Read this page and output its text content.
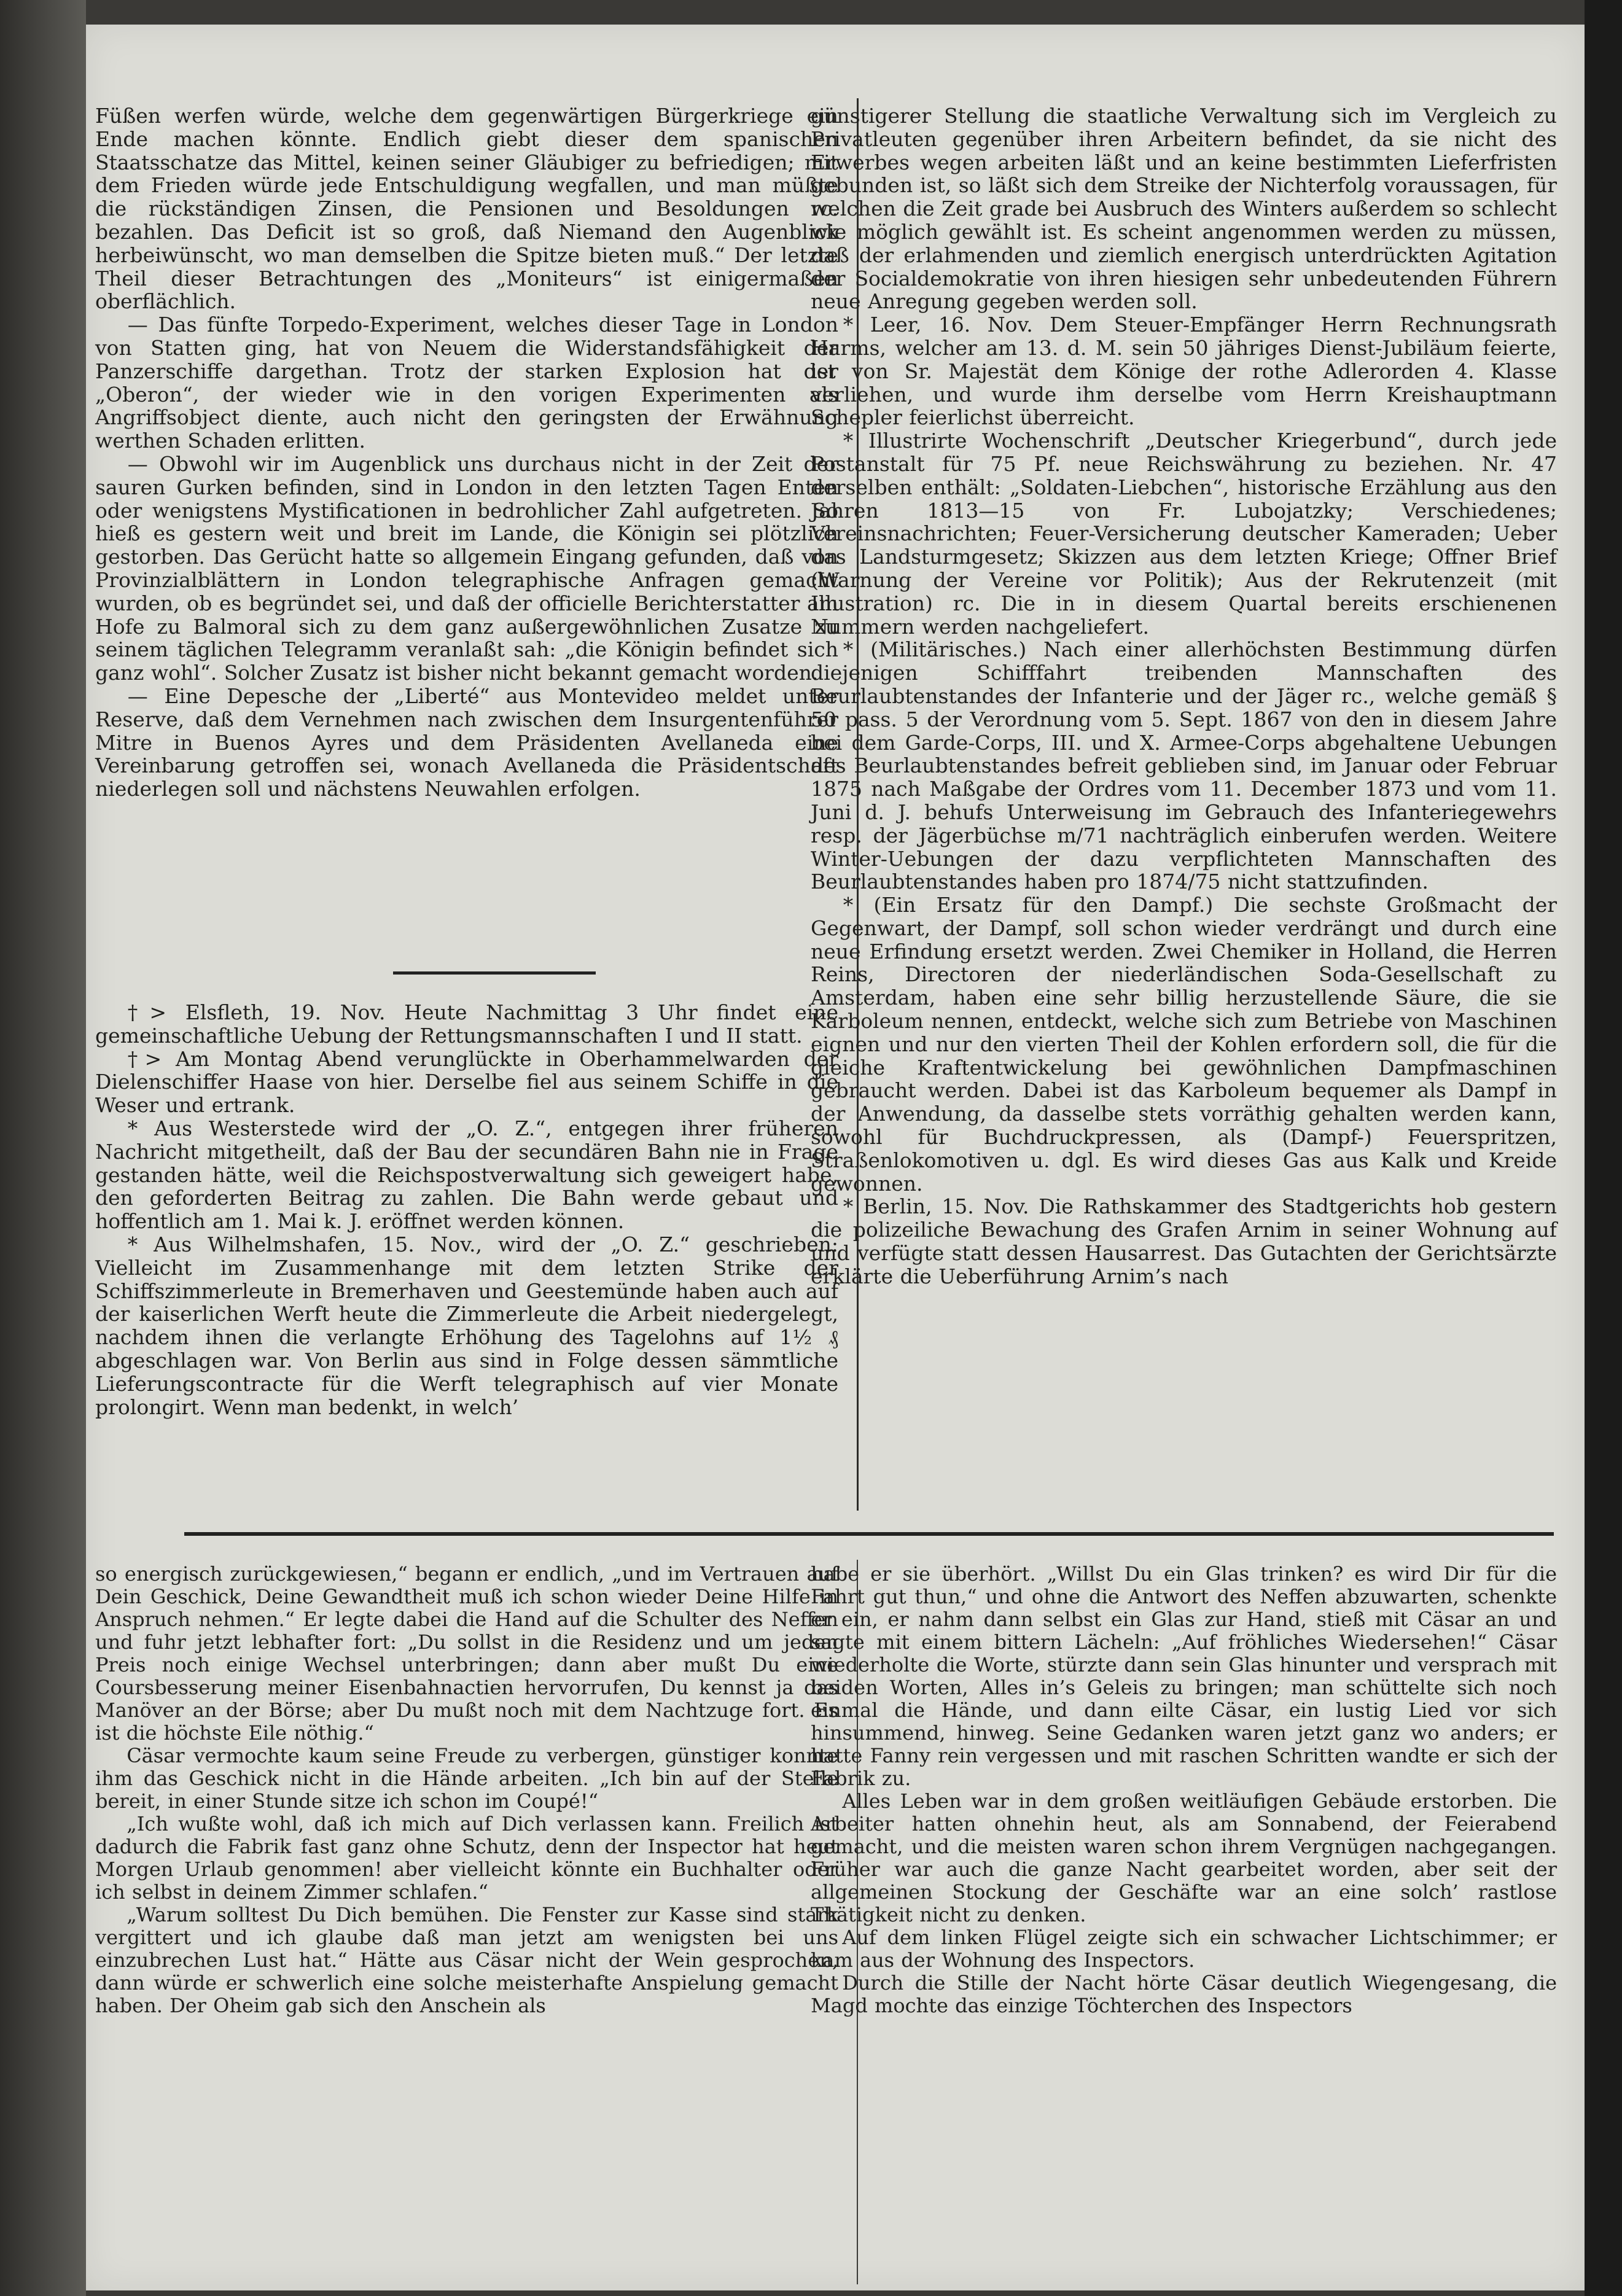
Füßen werfen würde, welche dem gegenwärtigen Bürgerkriege ein Ende machen könnte. Endlich giebt dieser dem spanischen Staatsschatze das Mittel, keinen seiner Gläubiger zu befriedigen; mit dem Frieden würde jede Entschuldigung wegfallen, und man müßte die rückständigen Zinsen, die Pensionen und Besoldungen rc. bezahlen. Das Deficit ist so groß, daß Niemand den Augenblick herbeiwünscht, wo man demselben die Spitze bieten muß.“ Der letzte Theil dieser Betrachtungen des „Moniteurs“ ist einigermaßen oberflächlich.

— Das fünfte Torpedo-Experiment, welches dieser Tage in London von Statten ging, hat von Neuem die Widerstandsfähigkeit der Panzerschiffe dargethan. Trotz der starken Explosion hat der „Oberon“, der wieder wie in den vorigen Experimenten als Angriffsobject diente, auch nicht den geringsten der Erwähnung werthen Schaden erlitten.

— Obwohl wir im Augenblick uns durchaus nicht in der Zeit der sauren Gurken befinden, sind in London in den letzten Tagen Enten oder wenigstens Mystificationen in bedrohlicher Zahl aufgetreten. So hieß es gestern weit und breit im Lande, die Königin sei plötzlich gestorben. Das Gerücht hatte so allgemein Eingang gefunden, daß von Provinzialblättern in London telegraphische Anfragen gemacht wurden, ob es begründet sei, und daß der officielle Berichterstatter am Hofe zu Balmoral sich zu dem ganz außergewöhnlichen Zusatze zu seinem täglichen Telegramm veranlaßt sah: „die Königin befindet sich ganz wohl“. Solcher Zusatz ist bisher nicht bekannt gemacht worden.

— Eine Depesche der „Liberté“ aus Montevideo meldet unter Reserve, daß dem Vernehmen nach zwischen dem Insurgentenführer Mitre in Buenos Ayres und dem Präsidenten Avellaneda eine Vereinbarung getroffen sei, wonach Avellaneda die Präsidentschaft niederlegen soll und nächstens Neuwahlen erfolgen.

†> Elsfleth, 19. Nov. Heute Nachmittag 3 Uhr findet eine gemeinschaftliche Uebung der Rettungsmannschaften I und II statt.

†> Am Montag Abend verunglückte in Oberhammelwarden der Dielenschiffer Haase von hier. Derselbe fiel aus seinem Schiffe in die Weser und ertrank.

* Aus Westerstede wird der „O. Z.“, entgegen ihrer früheren Nachricht mitgetheilt, daß der Bau der secundären Bahn nie in Frage gestanden hätte, weil die Reichspostverwaltung sich geweigert habe, den geforderten Beitrag zu zahlen. Die Bahn werde gebaut und hoffentlich am 1. Mai k. J. eröffnet werden können.

* Aus Wilhelmshafen, 15. Nov., wird der „O. Z.“ geschrieben: Vielleicht im Zusammenhange mit dem letzten Strike der Schiffszimmerleute in Bremerhaven und Geestemünde haben auch auf der kaiserlichen Werft heute die Zimmerleute die Arbeit niedergelegt, nachdem ihnen die verlangte Erhöhung des Tagelohns auf 1½ ₰ abgeschlagen war. Von Berlin aus sind in Folge dessen sämmtliche Lieferungscontracte für die Werft telegraphisch auf vier Monate prolongirt. Wenn man bedenkt, in welch’

günstigerer Stellung die staatliche Verwaltung sich im Vergleich zu Privatleuten gegenüber ihren Arbeitern befindet, da sie nicht des Erwerbes wegen arbeiten läßt und an keine bestimmten Lieferfristen gebunden ist, so läßt sich dem Streike der Nichterfolg voraussagen, für welchen die Zeit grade bei Ausbruch des Winters außerdem so schlecht wie möglich gewählt ist. Es scheint angenommen werden zu müssen, daß der erlahmenden und ziemlich energisch unterdrückten Agitation der Socialdemokratie von ihren hiesigen sehr unbedeutenden Führern neue Anregung gegeben werden soll.

* Leer, 16. Nov. Dem Steuer-Empfänger Herrn Rechnungsrath Harms, welcher am 13. d. M. sein 50 jähriges Dienst-Jubiläum feierte, ist von Sr. Majestät dem Könige der rothe Adlerorden 4. Klasse verliehen, und wurde ihm derselbe vom Herrn Kreishauptmann Schepler feierlichst überreicht.

* Illustrirte Wochenschrift „Deutscher Kriegerbund“, durch jede Postanstalt für 75 Pf. neue Reichswährung zu beziehen. Nr. 47 derselben enthält: „Soldaten-Liebchen“, historische Erzählung aus den Jahren 1813—15 von Fr. Lubojatzky; Verschiedenes; Vereinsnachrichten; Feuer-Versicherung deutscher Kameraden; Ueber das Landsturmgesetz; Skizzen aus dem letzten Kriege; Offner Brief (Warnung der Vereine vor Politik); Aus der Rekrutenzeit (mit Illustration) rc. Die in in diesem Quartal bereits erschienenen Nummern werden nachgeliefert.

* (Militärisches.) Nach einer allerhöchsten Bestimmung dürfen diejenigen Schifffahrt treibenden Mannschaften des Beurlaubtenstandes der Infanterie und der Jäger rc., welche gemäß § 50 pass. 5 der Verordnung vom 5. Sept. 1867 von den in diesem Jahre bei dem Garde-Corps, III. und X. Armee-Corps abgehaltene Uebungen des Beurlaubtenstandes befreit geblieben sind, im Januar oder Februar 1875 nach Maßgabe der Ordres vom 11. December 1873 und vom 11. Juni d. J. behufs Unterweisung im Gebrauch des Infanteriegewehrs resp. der Jägerbüchse m/71 nachträglich einberufen werden. Weitere Winter-Uebungen der dazu verpflichteten Mannschaften des Beurlaubtenstandes haben pro 1874/75 nicht stattzufinden.

* (Ein Ersatz für den Dampf.) Die sechste Großmacht der Gegenwart, der Dampf, soll schon wieder verdrängt und durch eine neue Erfindung ersetzt werden. Zwei Chemiker in Holland, die Herren Reins, Directoren der niederländischen Soda-Gesellschaft zu Amsterdam, haben eine sehr billig herzustellende Säure, die sie Karboleum nennen, entdeckt, welche sich zum Betriebe von Maschinen eignen und nur den vierten Theil der Kohlen erfordern soll, die für die gleiche Kraftentwickelung bei gewöhnlichen Dampfmaschinen gebraucht werden. Dabei ist das Karboleum bequemer als Dampf in der Anwendung, da dasselbe stets vorräthig gehalten werden kann, sowohl für Buchdruckpressen, als (Dampf-) Feuerspritzen, Straßenlokomotiven u. dgl. Es wird dieses Gas aus Kalk und Kreide gewonnen.

* Berlin, 15. Nov. Die Rathskammer des Stadtgerichts hob gestern die polizeiliche Bewachung des Grafen Arnim in seiner Wohnung auf und verfügte statt dessen Hausarrest. Das Gutachten der Gerichtsärzte erklärte die Ueberführung Arnim’s nach

so energisch zurückgewiesen,“ begann er endlich, „und im Vertrauen auf Dein Geschick, Deine Gewandtheit muß ich schon wieder Deine Hilfe in Anspruch nehmen.“ Er legte dabei die Hand auf die Schulter des Neffen und fuhr jetzt lebhafter fort: „Du sollst in die Residenz und um jeden Preis noch einige Wechsel unterbringen; dann aber mußt Du eine Coursbesserung meiner Eisenbahnactien hervorrufen, Du kennst ja das Manöver an der Börse; aber Du mußt noch mit dem Nachtzuge fort. Es ist die höchste Eile nöthig.“

Cäsar vermochte kaum seine Freude zu verbergen, günstiger konnte ihm das Geschick nicht in die Hände arbeiten. „Ich bin auf der Stelle bereit, in einer Stunde sitze ich schon im Coupé!“

„Ich wußte wohl, daß ich mich auf Dich verlassen kann. Freilich ist dadurch die Fabrik fast ganz ohne Schutz, denn der Inspector hat heut Morgen Urlaub genommen! aber vielleicht könnte ein Buchhalter oder ich selbst in deinem Zimmer schlafen.“

„Warum solltest Du Dich bemühen. Die Fenster zur Kasse sind stark vergittert und ich glaube daß man jetzt am wenigsten bei uns einzubrechen Lust hat.“ Hätte aus Cäsar nicht der Wein gesprochen, dann würde er schwerlich eine solche meisterhafte Anspielung gemacht haben. Der Oheim gab sich den Anschein als

habe er sie überhört. „Willst Du ein Glas trinken? es wird Dir für die Fahrt gut thun,“ und ohne die Antwort des Neffen abzuwarten, schenkte er ein, er nahm dann selbst ein Glas zur Hand, stieß mit Cäsar an und sagte mit einem bittern Lächeln: „Auf fröhliches Wiedersehen!“ Cäsar wiederholte die Worte, stürzte dann sein Glas hinunter und versprach mit beiden Worten, Alles in’s Geleis zu bringen; man schüttelte sich noch einmal die Hände, und dann eilte Cäsar, ein lustig Lied vor sich hinsummend, hinweg. Seine Gedanken waren jetzt ganz wo anders; er hatte Fanny rein vergessen und mit raschen Schritten wandte er sich der Fabrik zu.

Alles Leben war in dem großen weitläufigen Gebäude erstorben. Die Arbeiter hatten ohnehin heut, als am Sonnabend, der Feierabend gemacht, und die meisten waren schon ihrem Vergnügen nachgegangen. Früher war auch die ganze Nacht gearbeitet worden, aber seit der allgemeinen Stockung der Geschäfte war an eine solch’ rastlose Thätigkeit nicht zu denken.

Auf dem linken Flügel zeigte sich ein schwacher Lichtschimmer; er kam aus der Wohnung des Inspectors.

Durch die Stille der Nacht hörte Cäsar deutlich Wiegengesang, die Magd mochte das einzige Töchterchen des Inspectors
